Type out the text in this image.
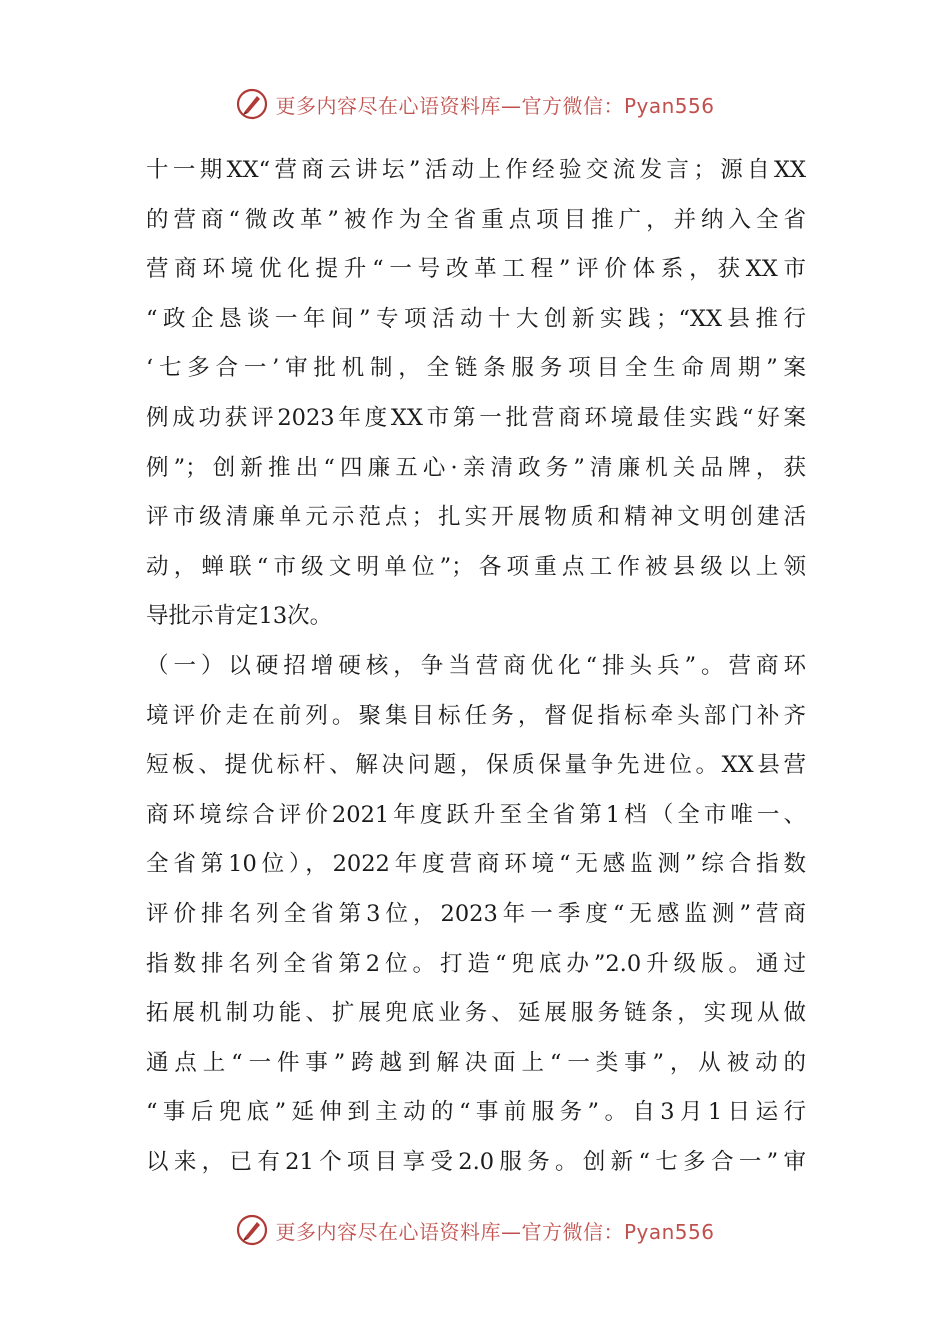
更多内容尽在心语资料库—官方微信：Pyan556
十一期XX“营商云讲坛”活动上作经验交流发言；源自XX
的营商“微改革”被作为全省重点项目推广，并纳入全省
营商环境优化提升“一号改革工程”评价体系，获XX市
“政企恳谈一年间”专项活动十大创新实践；“XX县推行
‘七多合一’审批机制，全链条服务项目全生命周期”案
例成功获评2023年度XX市第一批营商环境最佳实践“好案
例”；创新推出“四廉五心·亲清政务”清廉机关品牌，获
评市级清廉单元示范点；扎实开展物质和精神文明创建活
动，蝉联“市级文明单位”；各项重点工作被县级以上领
导批示肯定13次。
（一）以硬招增硬核，争当营商优化“排头兵”。营商环
境评价走在前列。聚集目标任务，督促指标牵头部门补齐
短板、提优标杆、解决问题，保质保量争先进位。XX县营
商环境综合评价2021年度跃升至全省第1档（全市唯一、
全省第10位），2022年度营商环境“无感监测”综合指数
评价排名列全省第3位，2023年一季度“无感监测”营商
指数排名列全省第2位。打造“兜底办”2.0升级版。通过
拓展机制功能、扩展兜底业务、延展服务链条，实现从做
通点上“一件事”跨越到解决面上“一类事”，从被动的
“事后兜底”延伸到主动的“事前服务”。自3月1日运行
以来，已有21个项目享受2.0服务。创新“七多合一”审
更多内容尽在心语资料库—官方微信：Pyan556
